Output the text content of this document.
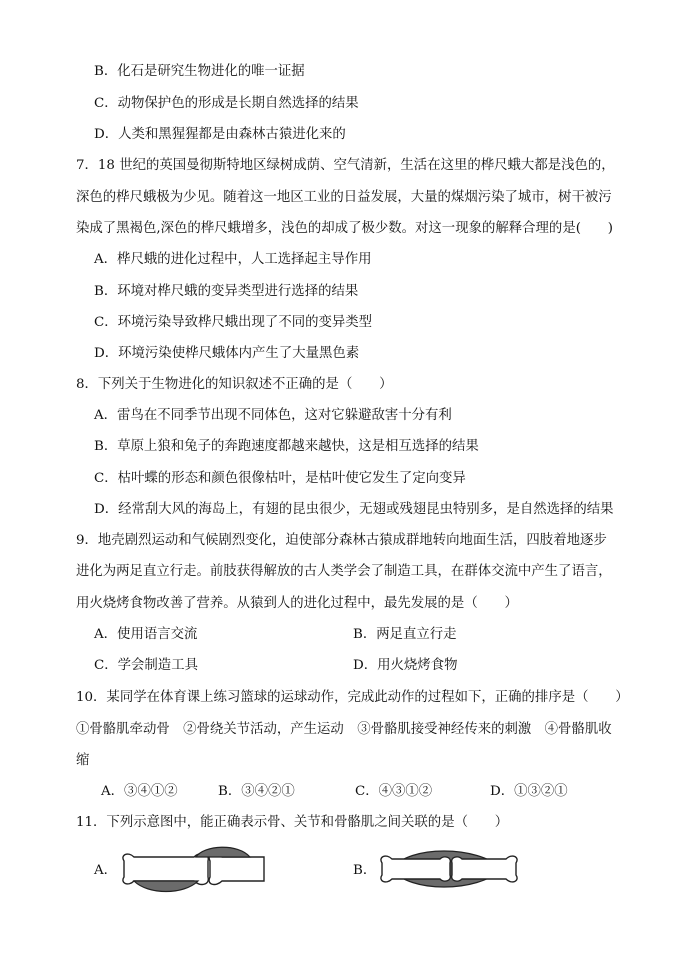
B．化石是研究生物进化的唯一证据
C．动物保护色的形成是长期自然选择的结果
D．人类和黑猩猩都是由森林古猿进化来的
7．18 世纪的英国曼彻斯特地区绿树成荫、空气清新，生活在这里的桦尺蛾大都是浅色的，
深色的桦尺蛾极为少见。随着这一地区工业的日益发展，大量的煤烟污染了城市，树干被污
染成了黑褐色,深色的桦尺蛾增多，浅色的却成了极少数。对这一现象的解释合理的是(　　)
A．桦尺蛾的进化过程中，人工选择起主导作用
B．环境对桦尺蛾的变异类型进行选择的结果
C．环境污染导致桦尺蛾出现了不同的变异类型
D．环境污染使桦尺蛾体内产生了大量黑色素
8．下列关于生物进化的知识叙述不正确的是（　　）
A．雷鸟在不同季节出现不同体色，这对它躲避敌害十分有利
B．草原上狼和兔子的奔跑速度都越来越快，这是相互选择的结果
C．枯叶蝶的形态和颜色很像枯叶，是枯叶使它发生了定向变异
D．经常刮大风的海岛上，有翅的昆虫很少，无翅或残翅昆虫特别多，是自然选择的结果
9．地壳剧烈运动和气候剧烈变化，迫使部分森林古猿成群地转向地面生活，四肢着地逐步
进化为两足直立行走。前肢获得解放的古人类学会了制造工具，在群体交流中产生了语言，
用火烧烤食物改善了营养。从猿到人的进化过程中，最先发展的是（　　）
A．使用语言交流	B．两足直立行走
C．学会制造工具	D．用火烧烤食物
10．某同学在体育课上练习篮球的运球动作，完成此动作的过程如下，正确的排序是（　　）
①骨骼肌牵动骨　②骨绕关节活动，产生运动　③骨骼肌接受神经传来的刺激　④骨骼肌收
缩
A．③④①②	B．③④②①	C．④③①②	D．①③②①
11．下列示意图中，能正确表示骨、关节和骨骼肌之间关联的是（　　）
A．	B．
